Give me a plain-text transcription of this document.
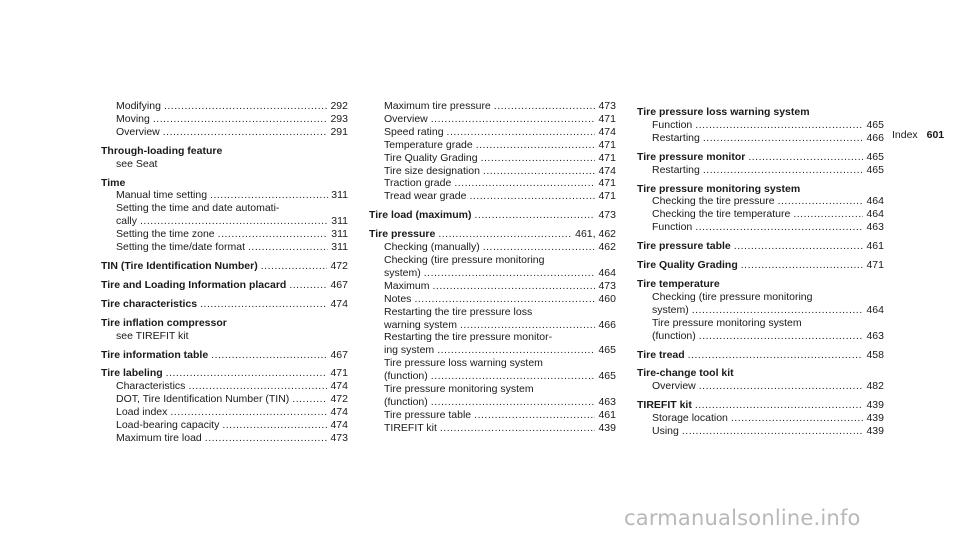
Index 601
Modifying .....	292
Moving .....	293
Overview .....	291
Through-loading feature
see Seat
Time
Manual time setting .....	311
Setting the time and date automati-
cally .....	311
Setting the time zone .....	311
Setting the time/date format .....	311
TIN (Tire Identification Number) .....	472
Tire and Loading Information placard .....	467
Tire characteristics .....	474
Tire inflation compressor
see TIREFIT kit
Tire information table .....	467
Tire labeling .....	471
Characteristics .....	474
DOT, Tire Identification Number (TIN) .....	472
Load index .....	474
Load-bearing capacity .....	474
Maximum tire load .....	473
Maximum tire pressure .....	473
Overview .....	471
Speed rating .....	474
Temperature grade .....	471
Tire Quality Grading .....	471
Tire size designation .....	474
Traction grade .....	471
Tread wear grade .....	471
Tire load (maximum) .....	473
Tire pressure .....	461, 462
Checking (manually) .....	462
Checking (tire pressure monitoring
system) .....	464
Maximum .....	473
Notes .....	460
Restarting the tire pressure loss
warning system .....	466
Restarting the tire pressure monitor-
ing system .....	465
Tire pressure loss warning system
(function) .....	465
Tire pressure monitoring system
(function) .....	463
Tire pressure table .....	461
TIREFIT kit .....	439
Tire pressure loss warning system
Function .....	465
Restarting .....	466
Tire pressure monitor .....	465
Restarting .....	465
Tire pressure monitoring system
Checking the tire pressure .....	464
Checking the tire temperature .....	464
Function .....	463
Tire pressure table .....	461
Tire Quality Grading .....	471
Tire temperature
Checking (tire pressure monitoring
system) .....	464
Tire pressure monitoring system
(function) .....	463
Tire tread .....	458
Tire-change tool kit
Overview .....	482
TIREFIT kit .....	439
Storage location .....	439
Using .....	439
carmanualsonline.info
